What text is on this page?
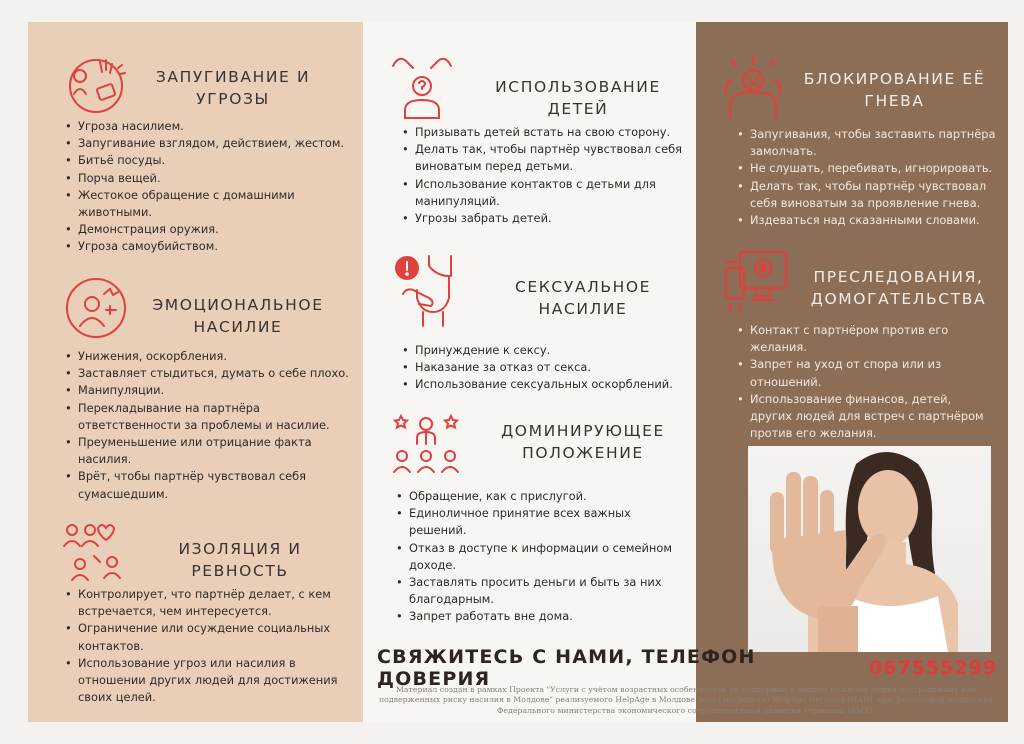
ЗАПУГИВАНИЕ И
УГРОЗЫ
• Угроза насилием.
• Запугивание взглядом, действием, жестом.
• Битьё посуды.
• Порча вещей.
• Жестокое обращение с домашними животными.
• Демонстрация оружия.
• Угроза самоубийством.
ЭМОЦИОНАЛЬНОЕ
НАСИЛИЕ
• Унижения, оскорбления.
• Заставляет стыдиться, думать о себе плохо.
• Манипуляции.
• Перекладывание на партнёра ответственности за проблемы и насилие.
• Преуменьшение или отрицание факта насилия.
• Врёт, чтобы партнёр чувствовал себя сумасшедшим.
ИЗОЛЯЦИЯ И
РЕВНОСТЬ
• Контролирует, что партнёр делает, с кем встречается, чем интересуется.
• Ограничение или осуждение социальных контактов.
• Использование угроз или насилия в отношении других людей для достижения своих целей.
ИСПОЛЬЗОВАНИЕ
ДЕТЕЙ
• Призывать детей встать на свою сторону.
• Делать так, чтобы партнёр чувствовал себя виноватым перед детьми.
• Использование контактов с детьми для манипуляций.
• Угрозы забрать детей.
СЕКСУАЛЬНОЕ
НАСИЛИЕ
• Принуждение к сексу.
• Наказание за отказ от секса.
• Использование сексуальных оскорблений.
ДОМИНИРУЮЩЕЕ
ПОЛОЖЕНИЕ
• Обращение, как с прислугой.
• Единоличное принятие всех важных решений.
• Отказ в доступе к информации о семейном доходе.
• Заставлять просить деньги и быть за них благодарным.
• Запрет работать вне дома.
БЛОКИРОВАНИЕ ЕЁ
ГНЕВА
• Запугивания, чтобы заставить партнёра замолчать.
• Не слушать, перебивать, игнорировать.
• Делать так, чтобы партнёр чувствовал себя виноватым за проявление гнева.
• Издеваться над сказанными словами.
ПРЕСЛЕДОВАНИЯ,
ДОМОГАТЕЛЬСТВА
• Контакт с партнёром против его желания.
• Запрет на уход от спора или из отношений.
• Использование финансов, детей, других людей для встреч с партнёром против его желания.
СВЯЖИТЕСЬ С НАМИ, ТЕЛЕФОН ДОВЕРИЯ	067555299
Материал создан в рамках Проекта "Услуги с учётом возрастных особенностей по поддержке и защите пожилых людей пострадавших или подверженных риску насилия в Молдове" реализуемого HelpAge в Молдове через посредство HelpAge Germany (HAD), при финансовой поддержке Федерального министерства экономического сотрудничества и развития Германии (BMZ).
